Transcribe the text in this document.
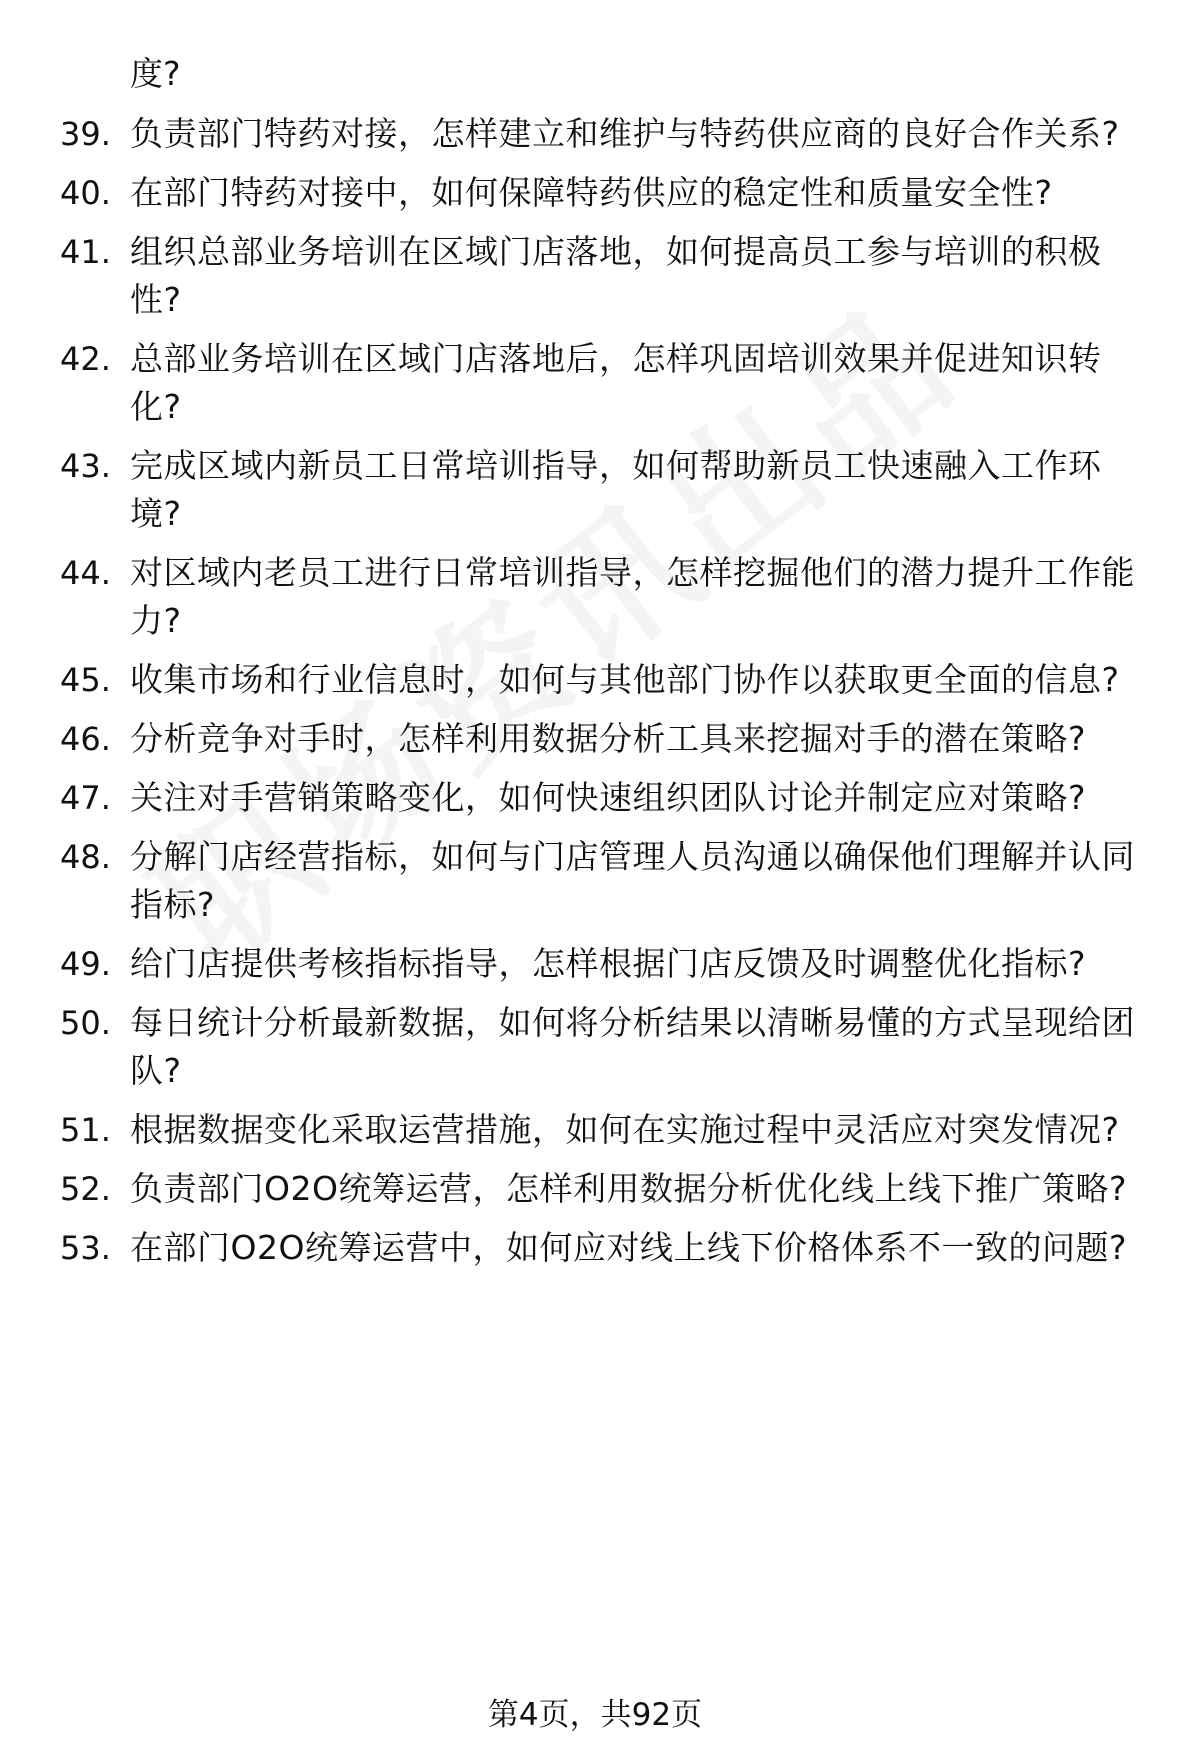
度?
39. 负责部门特药对接，怎样建立和维护与特药供应商的良好合作关系?
40. 在部门特药对接中，如何保障特药供应的稳定性和质量安全性?
41. 组织总部业务培训在区域门店落地，如何提高员工参与培训的积极性?
42. 总部业务培训在区域门店落地后，怎样巩固培训效果并促进知识转化?
43. 完成区域内新员工日常培训指导，如何帮助新员工快速融入工作环境?
44. 对区域内老员工进行日常培训指导，怎样挖掘他们的潜力提升工作能力?
45. 收集市场和行业信息时，如何与其他部门协作以获取更全面的信息?
46. 分析竞争对手时，怎样利用数据分析工具来挖掘对手的潜在策略?
47. 关注对手营销策略变化，如何快速组织团队讨论并制定应对策略?
48. 分解门店经营指标，如何与门店管理人员沟通以确保他们理解并认同指标?
49. 给门店提供考核指标指导，怎样根据门店反馈及时调整优化指标?
50. 每日统计分析最新数据，如何将分析结果以清晰易懂的方式呈现给团队?
51. 根据数据变化采取运营措施，如何在实施过程中灵活应对突发情况?
52. 负责部门O2O统筹运营，怎样利用数据分析优化线上线下推广策略?
53. 在部门O2O统筹运营中，如何应对线上线下价格体系不一致的问题?
第4页，共92页
